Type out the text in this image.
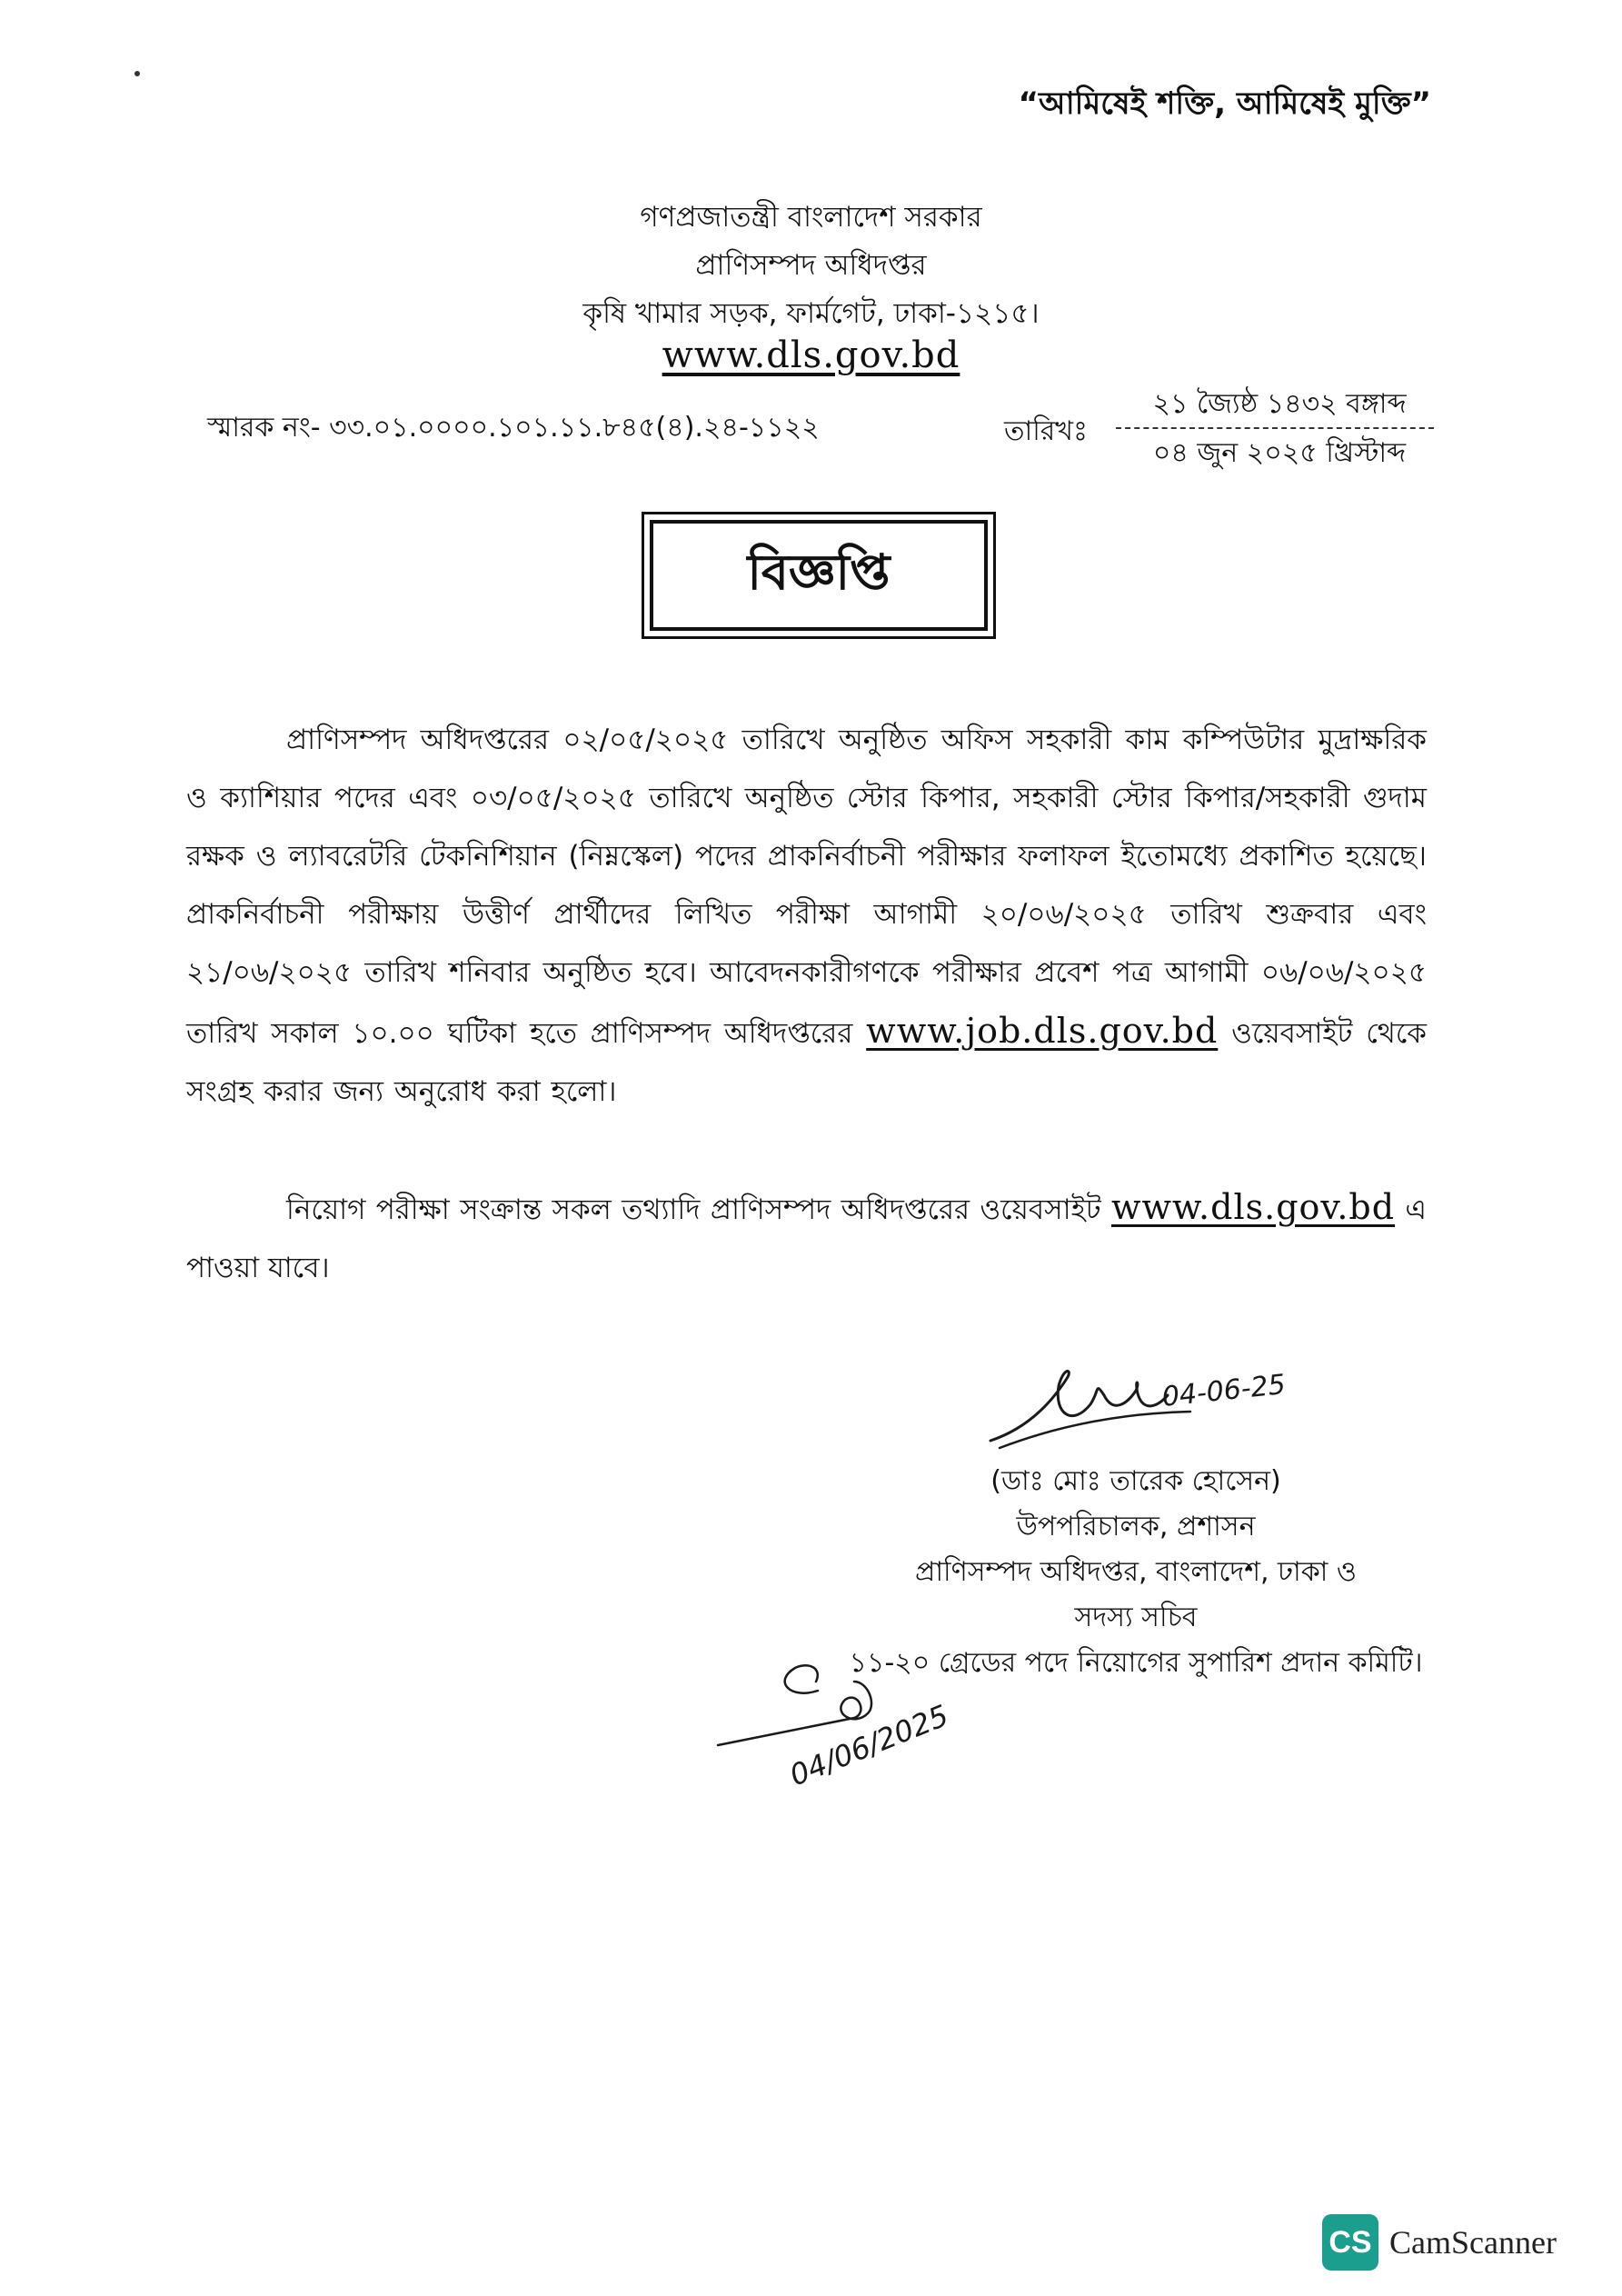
“আমিষেই শক্তি, আমিষেই মুক্তি”
গণপ্রজাতন্ত্রী বাংলাদেশ সরকার
প্রাণিসম্পদ অধিদপ্তর
কৃষি খামার সড়ক, ফার্মগেট, ঢাকা-১২১৫।
www.dls.gov.bd
স্মারক নং- ৩৩.০১.০০০০.১০১.১১.৮৪৫(৪).২৪-১১২২	তারিখঃ
২১ জ্যৈষ্ঠ ১৪৩২ বঙ্গাব্দ
০৪ জুন ২০২৫ খ্রিস্টাব্দ
বিজ্ঞপ্তি
প্রাণিসম্পদ অধিদপ্তরের ০২/০৫/২০২৫ তারিখে অনুষ্ঠিত অফিস সহকারী কাম কম্পিউটার মুদ্রাক্ষরিক ও ক্যাশিয়ার পদের এবং ০৩/০৫/২০২৫ তারিখে অনুষ্ঠিত স্টোর কিপার, সহকারী স্টোর কিপার/সহকারী গুদাম রক্ষক ও ল্যাবরেটরি টেকনিশিয়ান (নিম্নস্কেল) পদের প্রাকনির্বাচনী পরীক্ষার ফলাফল ইতোমধ্যে প্রকাশিত হয়েছে। প্রাকনির্বাচনী পরীক্ষায় উত্তীর্ণ প্রার্থীদের লিখিত পরীক্ষা আগামী ২০/০৬/২০২৫ তারিখ শুক্রবার এবং ২১/০৬/২০২৫ তারিখ শনিবার অনুষ্ঠিত হবে। আবেদনকারীগণকে পরীক্ষার প্রবেশ পত্র আগামী ০৬/০৬/২০২৫ তারিখ সকাল ১০.০০ ঘটিকা হতে প্রাণিসম্পদ অধিদপ্তরের www.job.dls.gov.bd ওয়েবসাইট থেকে সংগ্রহ করার জন্য অনুরোধ করা হলো।
নিয়োগ পরীক্ষা সংক্রান্ত সকল তথ্যাদি প্রাণিসম্পদ অধিদপ্তরের ওয়েবসাইট www.dls.gov.bd এ পাওয়া যাবে।
04-06-25
(ডাঃ মোঃ তারেক হোসেন)
উপপরিচালক, প্রশাসন
প্রাণিসম্পদ অধিদপ্তর, বাংলাদেশ, ঢাকা ও
সদস্য সচিব
১১-২০ গ্রেডের পদে নিয়োগের সুপারিশ প্রদান কমিটি।
04/06/2025
CS CamScanner
